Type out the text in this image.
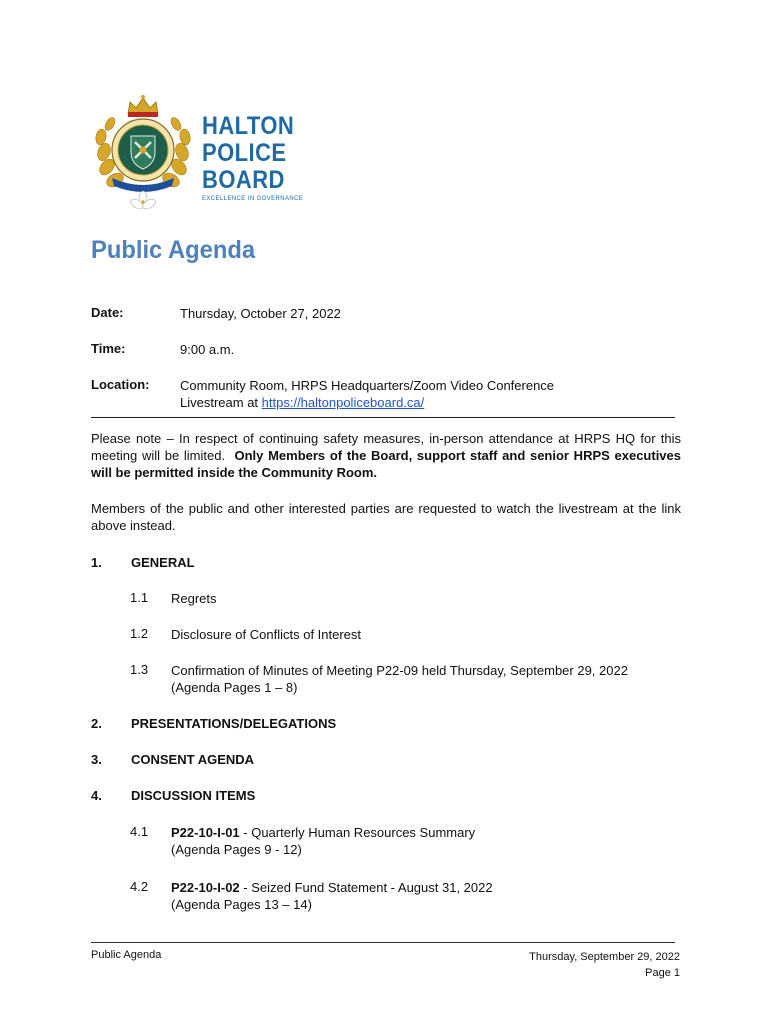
HALTON
POLICE
BOARD
EXCELLENCE IN GOVERNANCE
Public Agenda
Date:	Thursday, October 27, 2022
Time:	9:00 a.m.
Location: Community Room, HRPS Headquarters/Zoom Video Conference
Livestream at https://haltonpoliceboard.ca/
Please note – In respect of continuing safety measures, in-person attendance at HRPS HQ for this meeting will be limited. Only Members of the Board, support staff and senior HRPS executives will be permitted inside the Community Room.
Members of the public and other interested parties are requested to watch the livestream at the link above instead.
1. GENERAL
1.1 Regrets
1.2 Disclosure of Conflicts of Interest
1.3 Confirmation of Minutes of Meeting P22-09 held Thursday, September 29, 2022
(Agenda Pages 1 – 8)
2. PRESENTATIONS/DELEGATIONS
3. CONSENT AGENDA
4. DISCUSSION ITEMS
4.1 P22-10-I-01 - Quarterly Human Resources Summary
(Agenda Pages 9 - 12)
4.2 P22-10-I-02 - Seized Fund Statement - August 31, 2022
(Agenda Pages 13 – 14)
Public Agenda	Thursday, September 29, 2022
Page 1
